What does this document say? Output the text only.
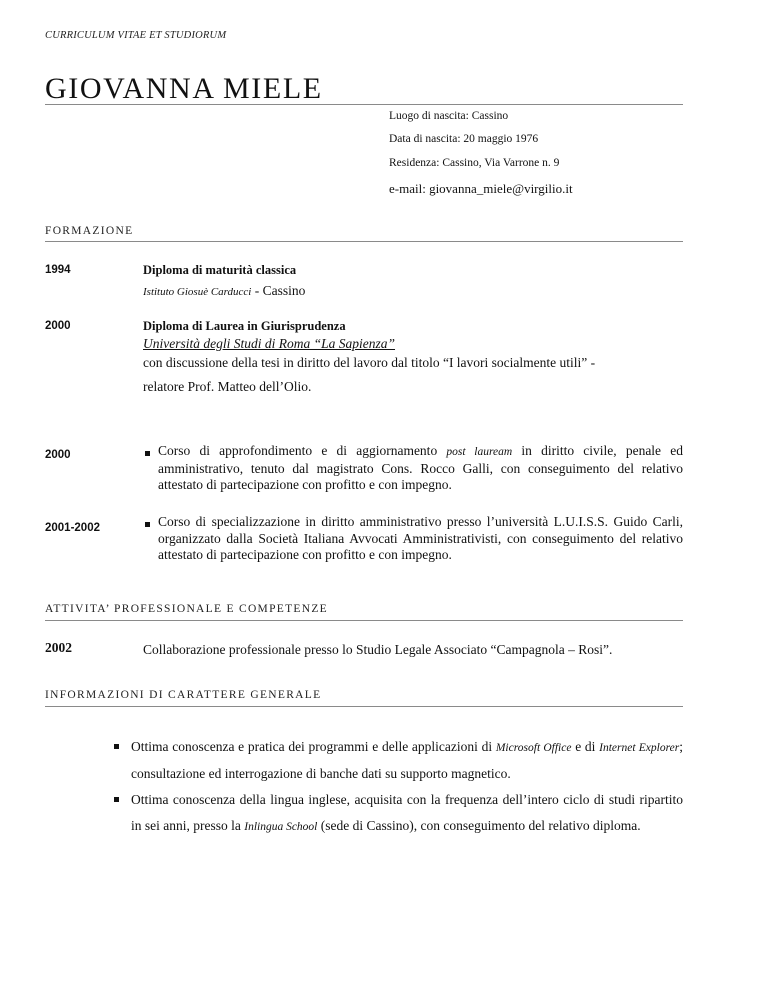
CURRICULUM VITAE ET STUDIORUM
GIOVANNA MIELE
Luogo di nascita: Cassino
Data di nascita: 20 maggio 1976
Residenza: Cassino, Via Varrone n. 9
e-mail: giovanna_miele@virgilio.it
FORMAZIONE
1994	Diploma di maturità classica
Istituto Giosuè Carducci - Cassino
2000	Diploma di Laurea in Giurisprudenza
Università degli Studi di Roma “La Sapienza”
con discussione della tesi in diritto del lavoro dal titolo “I lavori socialmente utili” -
relatore Prof. Matteo dell’Olio.
2000	Corso di approfondimento e di aggiornamento post lauream in diritto civile, penale ed amministrativo, tenuto dal magistrato Cons. Rocco Galli, con conseguimento del relativo attestato di partecipazione con profitto e con impegno.
2001-2002	Corso di specializzazione in diritto amministrativo presso l’università L.U.I.S.S. Guido Carli, organizzato dalla Società Italiana Avvocati Amministrativisti, con conseguimento del relativo attestato di partecipazione con profitto e con impegno.
ATTIVITA’ PROFESSIONALE E COMPETENZE
2002	Collaborazione professionale presso lo Studio Legale Associato “Campagnola – Rosi”.
INFORMAZIONI DI CARATTERE GENERALE
Ottima conoscenza e pratica dei programmi e delle applicazioni di Microsoft Office e di Internet Explorer; consultazione ed interrogazione di banche dati su supporto magnetico.
Ottima conoscenza della lingua inglese, acquisita con la frequenza dell’intero ciclo di studi ripartito in sei anni, presso la Inlingua School (sede di Cassino), con conseguimento del relativo diploma.
